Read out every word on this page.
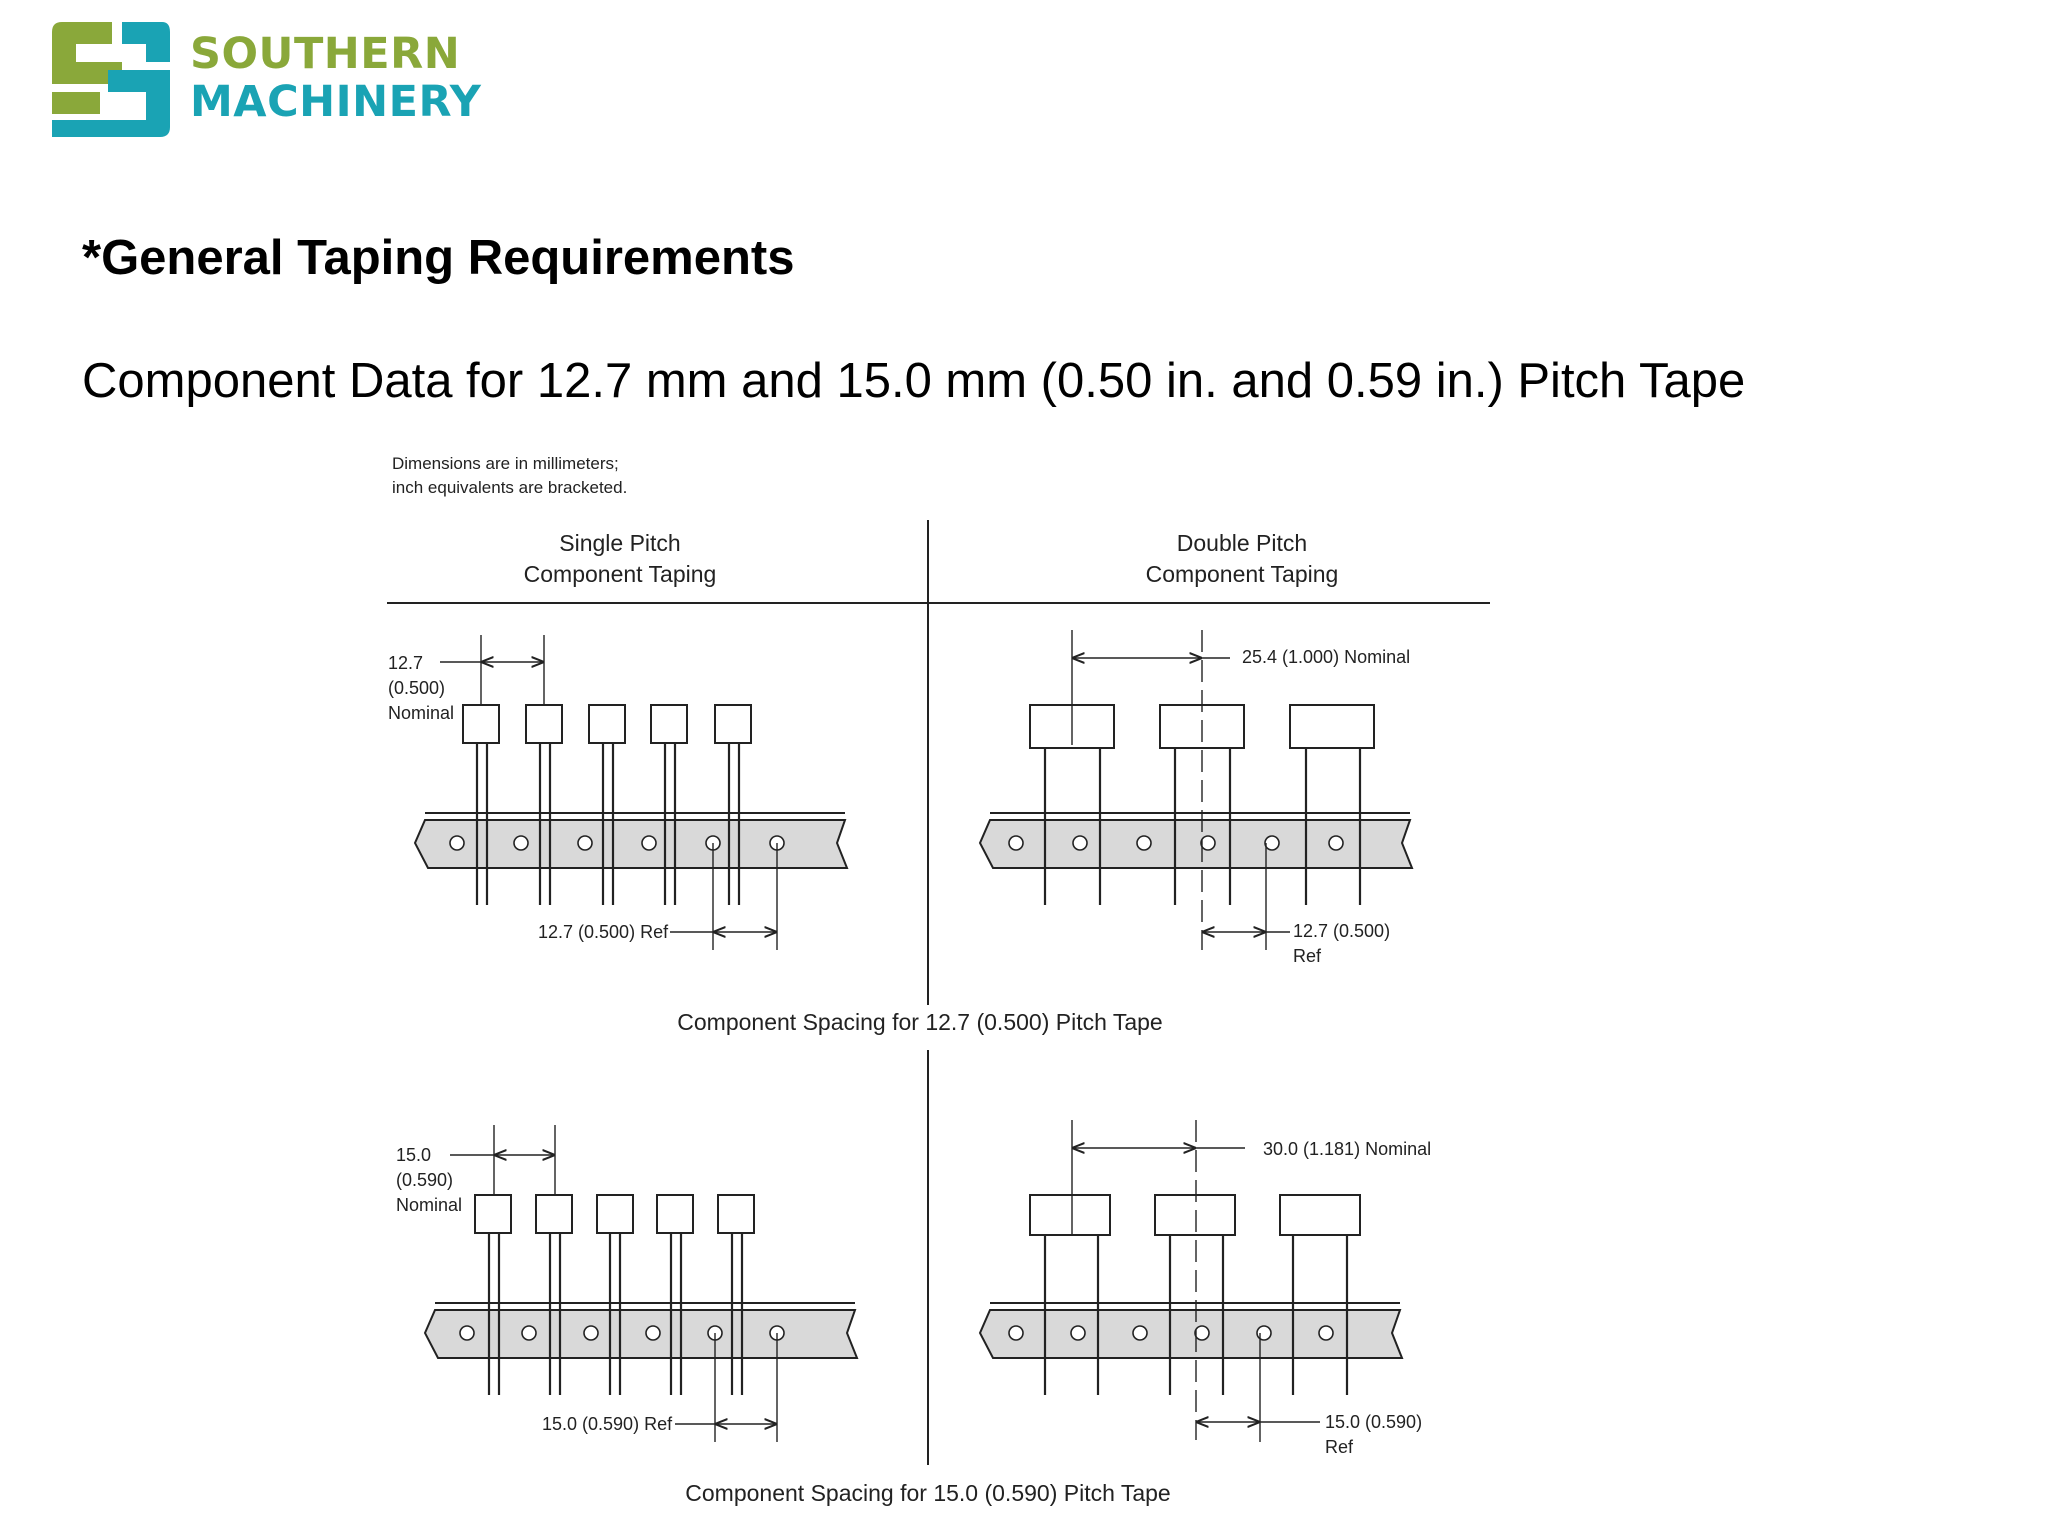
SOUTHERN
MACHINERY
*General Taping Requirements
Component Data for 12.7 mm and 15.0 mm (0.50 in. and 0.59 in.) Pitch Tape
Dimensions are in millimeters;
inch equivalents are bracketed.
Single Pitch
Component Taping
Double Pitch
Component Taping
12.7
(0.500)
Nominal
12.7 (0.500) Ref
25.4 (1.000) Nominal
12.7 (0.500)
Ref
Component Spacing for 12.7 (0.500) Pitch Tape
15.0
(0.590)
Nominal
15.0 (0.590) Ref
30.0 (1.181) Nominal
15.0 (0.590)
Ref
Component Spacing for 15.0 (0.590) Pitch Tape
